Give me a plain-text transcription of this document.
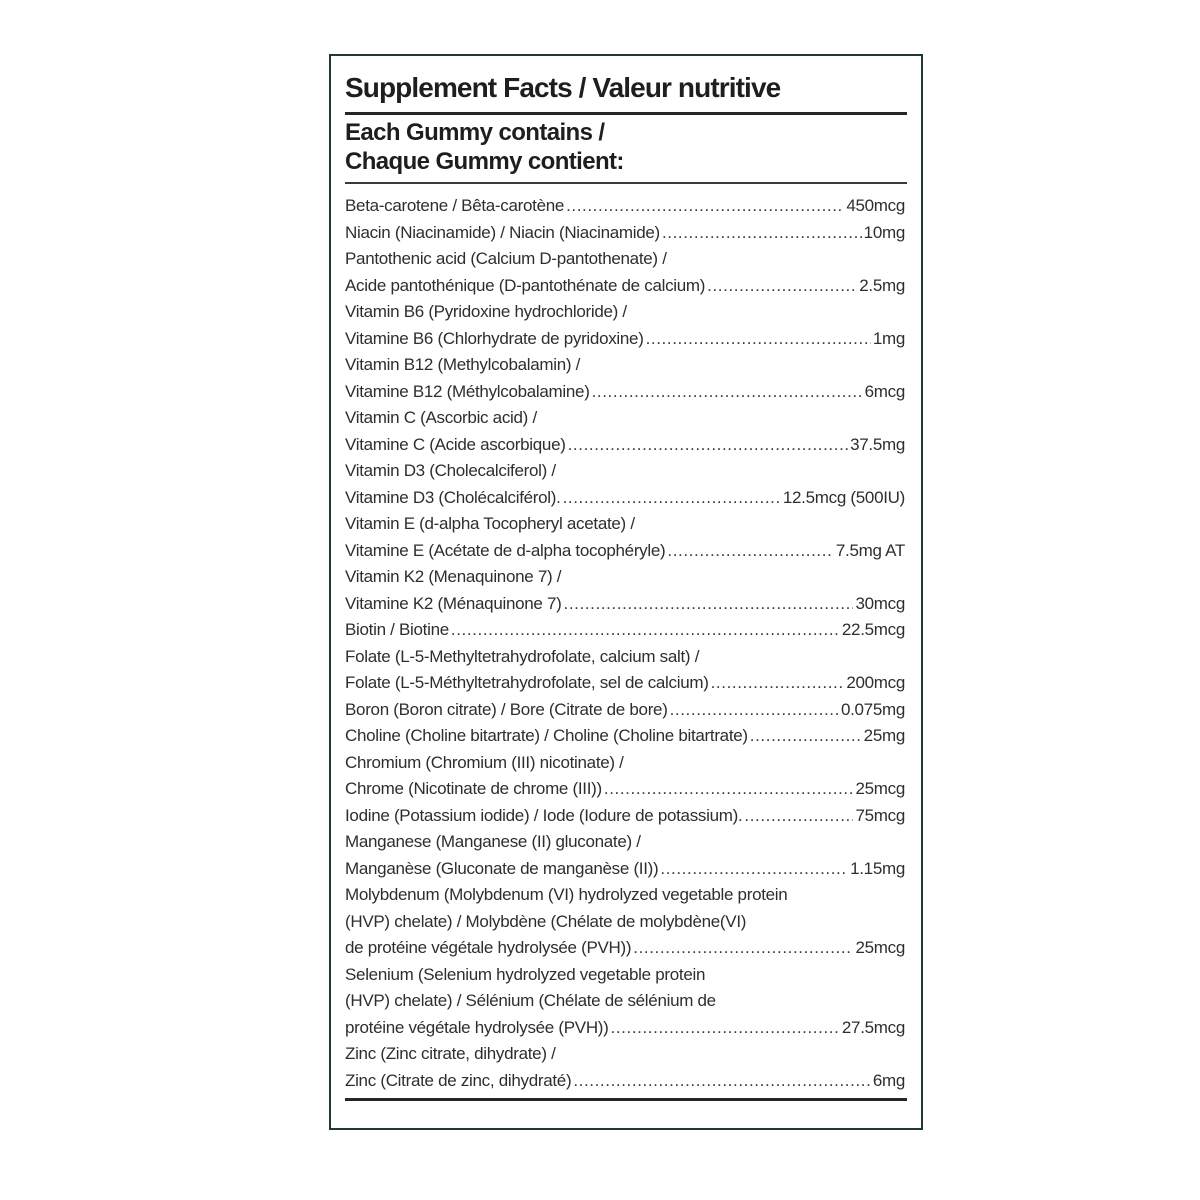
Supplement Facts / Valeur nutritive
Each Gummy contains /
Chaque Gummy contient:
Beta-carotene / Bêta-carotène .....	450mcg
Niacin (Niacinamide) / Niacin (Niacinamide) .....	10mg
Pantothenic acid (Calcium D-pantothenate) /
Acide pantothénique (D-pantothénate de calcium) .....	2.5mg
Vitamin B6 (Pyridoxine hydrochloride) /
Vitamine B6 (Chlorhydrate de pyridoxine) .....	1mg
Vitamin B12 (Methylcobalamin) /
Vitamine B12 (Méthylcobalamine) .....	6mcg
Vitamin C (Ascorbic acid) /
Vitamine C (Acide ascorbique) .....	37.5mg
Vitamin D3 (Cholecalciferol) /
Vitamine D3 (Cholécalciférol). .....	12.5mcg (500IU)
Vitamin E (d-alpha Tocopheryl acetate) /
Vitamine E (Acétate de d-alpha tocophéryle) .....	7.5mg AT
Vitamin K2 (Menaquinone 7) /
Vitamine K2 (Ménaquinone 7) .....	30mcg
Biotin / Biotine .....	22.5mcg
Folate (L-5-Methyltetrahydrofolate, calcium salt) /
Folate (L-5-Méthyltetrahydrofolate, sel de calcium) .....	200mcg
Boron (Boron citrate) / Bore (Citrate de bore) .....	0.075mg
Choline (Choline bitartrate) / Choline (Choline bitartrate) .....	25mg
Chromium (Chromium (III) nicotinate) /
Chrome (Nicotinate de chrome (III)) .....	25mcg
Iodine (Potassium iodide) / Iode (Iodure de potassium). .....	75mcg
Manganese (Manganese (II) gluconate) /
Manganèse (Gluconate de manganèse (II)) .....	1.15mg
Molybdenum (Molybdenum (VI) hydrolyzed vegetable protein
(HVP) chelate) / Molybdène (Chélate de molybdène(VI)
de protéine végétale hydrolysée (PVH)) .....	25mcg
Selenium (Selenium hydrolyzed vegetable protein
(HVP) chelate) / Sélénium (Chélate de sélénium de
protéine végétale hydrolysée (PVH)) .....	27.5mcg
Zinc (Zinc citrate, dihydrate) /
Zinc (Citrate de zinc, dihydraté) .....	6mg
